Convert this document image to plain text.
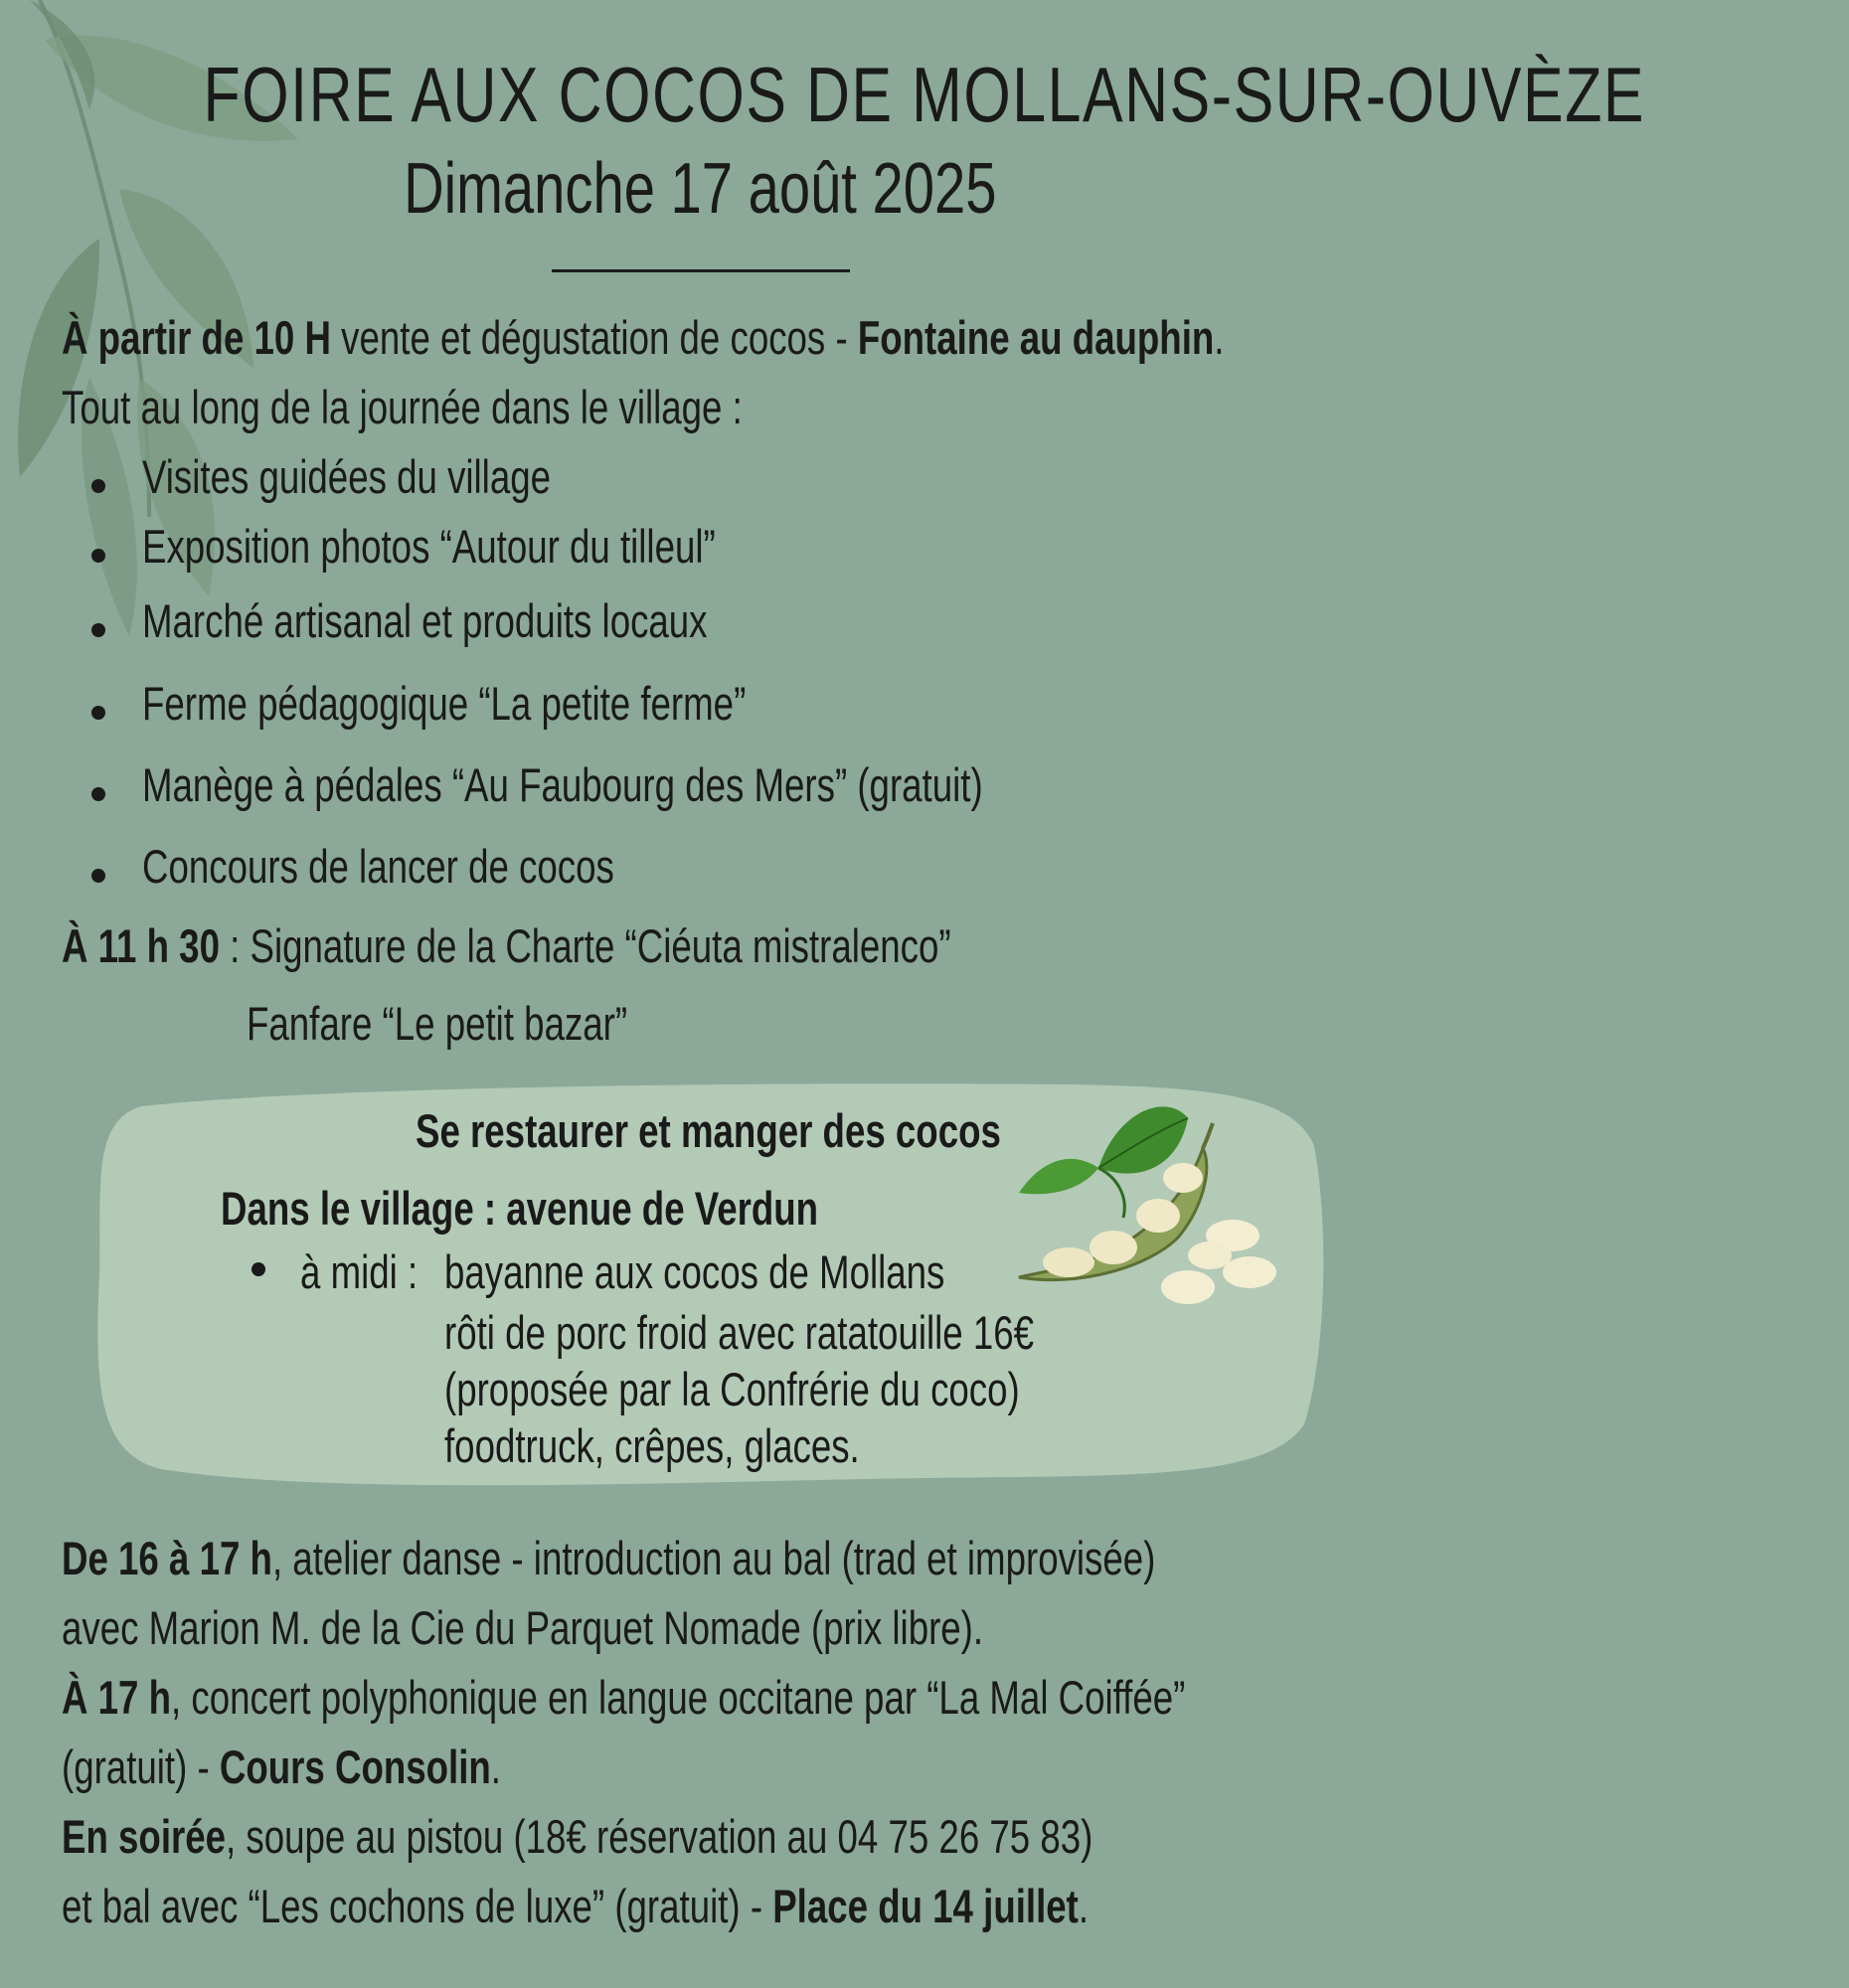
FOIRE AUX COCOS DE MOLLANS-SUR-OUVÈZE
Dimanche 17 août 2025
À partir de 10 H vente et dégustation de cocos - Fontaine au dauphin.
Tout au long de la journée dans le village :
Visites guidées du village
Exposition photos “Autour du tilleul”
Marché artisanal et produits locaux
Ferme pédagogique “La petite ferme”
Manège à pédales “Au Faubourg des Mers” (gratuit)
Concours de lancer de cocos
À 11 h 30 : Signature de la Charte “Ciéuta mistralenco”
Fanfare “Le petit bazar”
Se restaurer et manger des cocos
Dans le village : avenue de Verdun
à midi : bayanne aux cocos de Mollans
rôti de porc froid avec ratatouille 16€
(proposée par la Confrérie du coco)
foodtruck, crêpes, glaces.
De 16 à 17 h, atelier danse - introduction au bal (trad et improvisée)
avec Marion M. de la Cie du Parquet Nomade (prix libre).
À 17 h, concert polyphonique en langue occitane par “La Mal Coiffée”
(gratuit) - Cours Consolin.
En soirée, soupe au pistou (18€ réservation au 04 75 26 75 83)
et bal avec “Les cochons de luxe” (gratuit) - Place du 14 juillet.
